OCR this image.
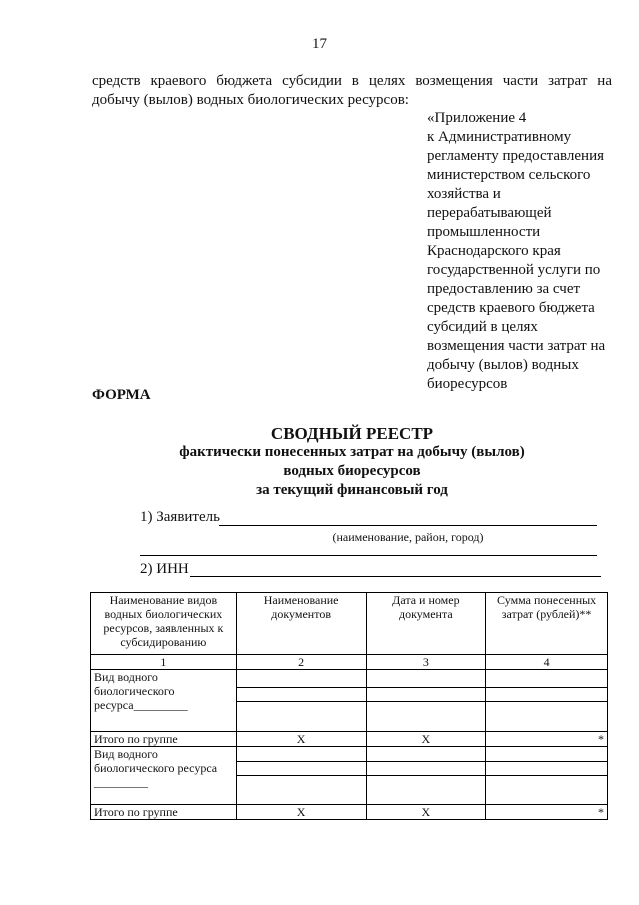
17
средств краевого бюджета субсидии в целях возмещения части затрат на
добычу (вылов) водных биологических ресурсов:
«Приложение 4
к Административному
регламенту предоставления
министерством сельского
хозяйства и
перерабатывающей
промышленности
Краснодарского края
государственной услуги по
предоставлению за счет
средств краевого бюджета
субсидий в целях
возмещения части затрат на
добычу (вылов) водных
биоресурсов
ФОРМА
СВОДНЫЙ РЕЕСТР
фактически понесенных затрат на добычу (вылов)
водных биоресурсов
за текущий финансовый год
1) Заявитель
(наименование, район, город)
2) ИНН
Наименование видов водных биологических ресурсов, заявленных к субсидированию	Наименование документов	Дата и номер документа	Сумма понесенных затрат (рублей)**
1	2	3	4
Вид водного биологического ресурса_________			

Итого по группе	Х	Х	*
Вид водного биологического ресурса _________			

Итого по группе	Х	Х	*
